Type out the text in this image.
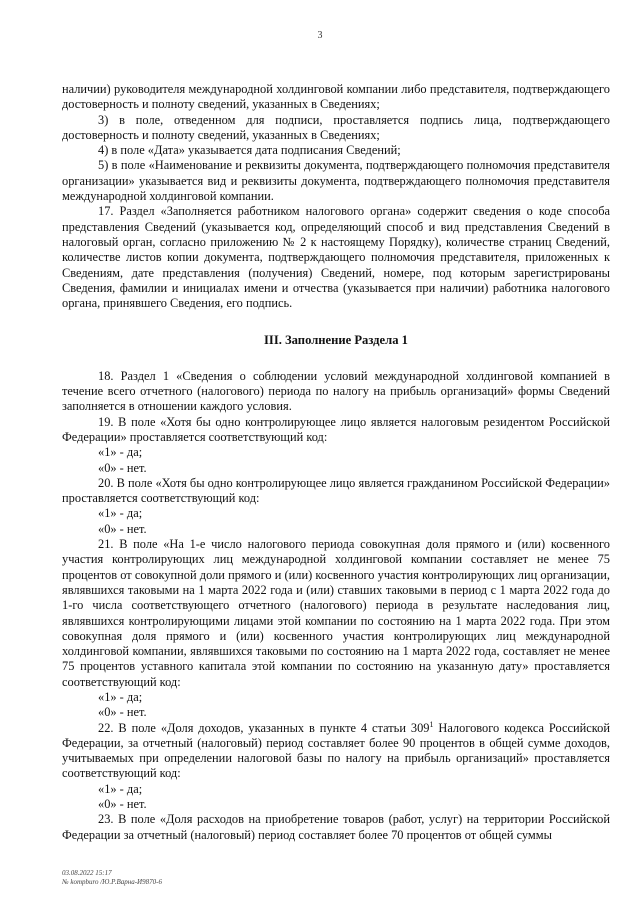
3

наличии) руководителя международной холдинговой компании либо представителя, подтверждающего достоверность и полноту сведений, указанных в Сведениях;

3) в поле, отведенном для подписи, проставляется подпись лица, подтверждающего достоверность и полноту сведений, указанных в Сведениях;

4) в поле «Дата» указывается дата подписания Сведений;

5) в поле «Наименование и реквизиты документа, подтверждающего полномочия представителя организации» указывается вид и реквизиты документа, подтверждающего полномочия представителя международной холдинговой компании.

17. Раздел «Заполняется работником налогового органа» содержит сведения о коде способа представления Сведений (указывается код, определяющий способ и вид представления Сведений в налоговый орган, согласно приложению № 2 к настоящему Порядку), количестве страниц Сведений, количестве листов копии документа, подтверждающего полномочия представителя, приложенных к Сведениям, дате представления (получения) Сведений, номере, под которым зарегистрированы Сведения, фамилии и инициалах имени и отчества (указывается при наличии) работника налогового органа, принявшего Сведения, его подпись.

III. Заполнение Раздела 1

18. Раздел 1 «Сведения о соблюдении условий международной холдинговой компанией в течение всего отчетного (налогового) периода по налогу на прибыль организаций» формы Сведений заполняется в отношении каждого условия.

19. В поле «Хотя бы одно контролирующее лицо является налоговым резидентом Российской Федерации» проставляется соответствующий код:

«1» - да;

«0» - нет.

20. В поле «Хотя бы одно контролирующее лицо является гражданином Российской Федерации» проставляется соответствующий код:

«1» - да;

«0» - нет.

21. В поле «На 1-е число налогового периода совокупная доля прямого и (или) косвенного участия контролирующих лиц международной холдинговой компании составляет не менее 75 процентов от совокупной доли прямого и (или) косвенного участия контролирующих лиц организации, являвшихся таковыми на 1 марта 2022 года и (или) ставших таковыми в период с 1 марта 2022 года до 1-го числа соответствующего отчетного (налогового) периода в результате наследования лиц, являвшихся контролирующими лицами этой компании по состоянию на 1 марта 2022 года. При этом совокупная доля прямого и (или) косвенного участия контролирующих лиц международной холдинговой компании, являвшихся таковыми по состоянию на 1 марта 2022 года, составляет не менее 75 процентов уставного капитала этой компании по состоянию на указанную дату» проставляется соответствующий код:

«1» - да;

«0» - нет.

22. В поле «Доля доходов, указанных в пункте 4 статьи $309^1$ Налогового кодекса Российской Федерации, за отчетный (налоговый) период составляет более 90 процентов в общей сумме доходов, учитываемых при определении налоговой базы по налогу на прибыль организаций» проставляется соответствующий код:

«1» - да;

«0» - нет.

23. В поле «Доля расходов на приобретение товаров (работ, услуг) на территории Российской Федерации за отчетный (налоговый) период составляет более 70 процентов от общей суммы

03.08.2022 15:17
№ kompburo /Ю.Р.Варна-И9870-6
